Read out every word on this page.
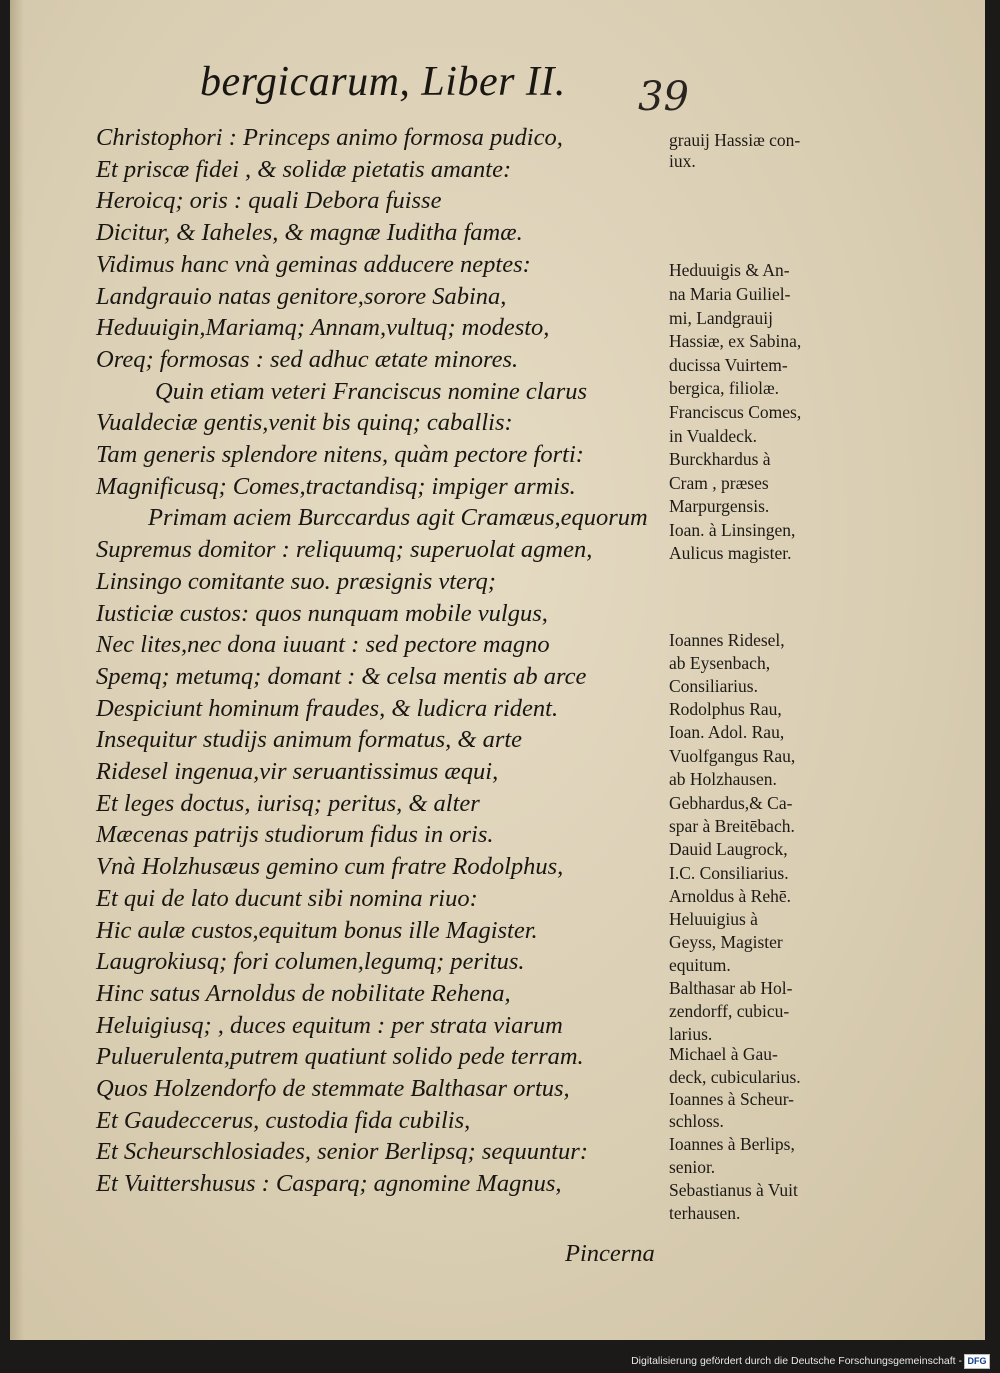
bergicarum, Liber II. 39
Christophori : Princeps animo formosa pudico,
Et priscæ fidei , & solidæ pietatis amante:
Heroicq; oris : quali Debora fuisse
Dicitur, & Iaheles, & magnæ Iuditha famæ.
Vidimus hanc vnà geminas adducere neptes:
Landgrauio natas genitore,sorore Sabina,
Heduuigin,Mariamq; Annam,vultuq; modesto,
Oreq; formosas : sed adhuc ætate minores.
Quin etiam veteri Franciscus nomine clarus
Vualdeciæ gentis,venit bis quinq; caballis:
Tam generis splendore nitens, quàm pectore forti:
Magnificusq; Comes,tractandisq; impiger armis.
Primam aciem Burccardus agit Cramæus,equorum
Supremus domitor : reliquumq; superuolat agmen,
Linsingo comitante suo. præsignis vterq;
Iusticiæ custos: quos nunquam mobile vulgus,
Nec lites,nec dona iuuant : sed pectore magno
Spemq; metumq; domant : & celsa mentis ab arce
Despiciunt hominum fraudes, & ludicra rident.
Insequitur studijs animum formatus, & arte
Ridesel ingenua,vir seruantissimus æqui,
Et leges doctus, iurisq; peritus, & alter
Mæcenas patrijs studiorum fidus in oris.
Vnà Holzhusæus gemino cum fratre Rodolphus,
Et qui de lato ducunt sibi nomina riuo:
Hic aulæ custos,equitum bonus ille Magister.
Laugrokiusq; fori columen,legumq; peritus.
Hinc satus Arnoldus de nobilitate Rehena,
Heluigiusq; , duces equitum : per strata viarum
Puluerulenta,putrem quatiunt solido pede terram.
Quos Holzendorfo de stemmate Balthasar ortus,
Et Gaudeccerus, custodia fida cubilis,
Et Scheurschlosiades, senior Berlipsq; sequuntur:
Et Vuittershusus : Casparq; agnomine Magnus,
grauij Hassiæ con-
iux.
Heduuigis & An-
na Maria Guiliel-
mi, Landgrauij
Hassiæ, ex Sabina,
ducissa Vuirtem-
bergica, filiolæ.
Franciscus Comes,
in Vualdeck.
Burckhardus à
Cram , præses
Marpurgensis.
Ioan. à Linsingen,
Aulicus magister.
Ioannes Ridesel,
ab Eysenbach,
Consiliarius.
Rodolphus Rau,
Ioan. Adol. Rau,
Vuolfgangus Rau,
ab Holzhausen.
Gebhardus,& Ca-
spar à Breitēbach.
Dauid Laugrock,
I.C. Consiliarius.
Arnoldus à Rehē.
Heluuigius à
Geyss, Magister
equitum.
Balthasar ab Hol-
zendorff, cubicu-
larius.
Michael à Gau-
deck, cubicularius.
Ioannes à Scheur-
schloss.
Ioannes à Berlips,
senior.
Sebastianus à Vuit
terhausen.
Pincerna
Digitalisierung gefördert durch die Deutsche Forschungsgemeinschaft - DFG
